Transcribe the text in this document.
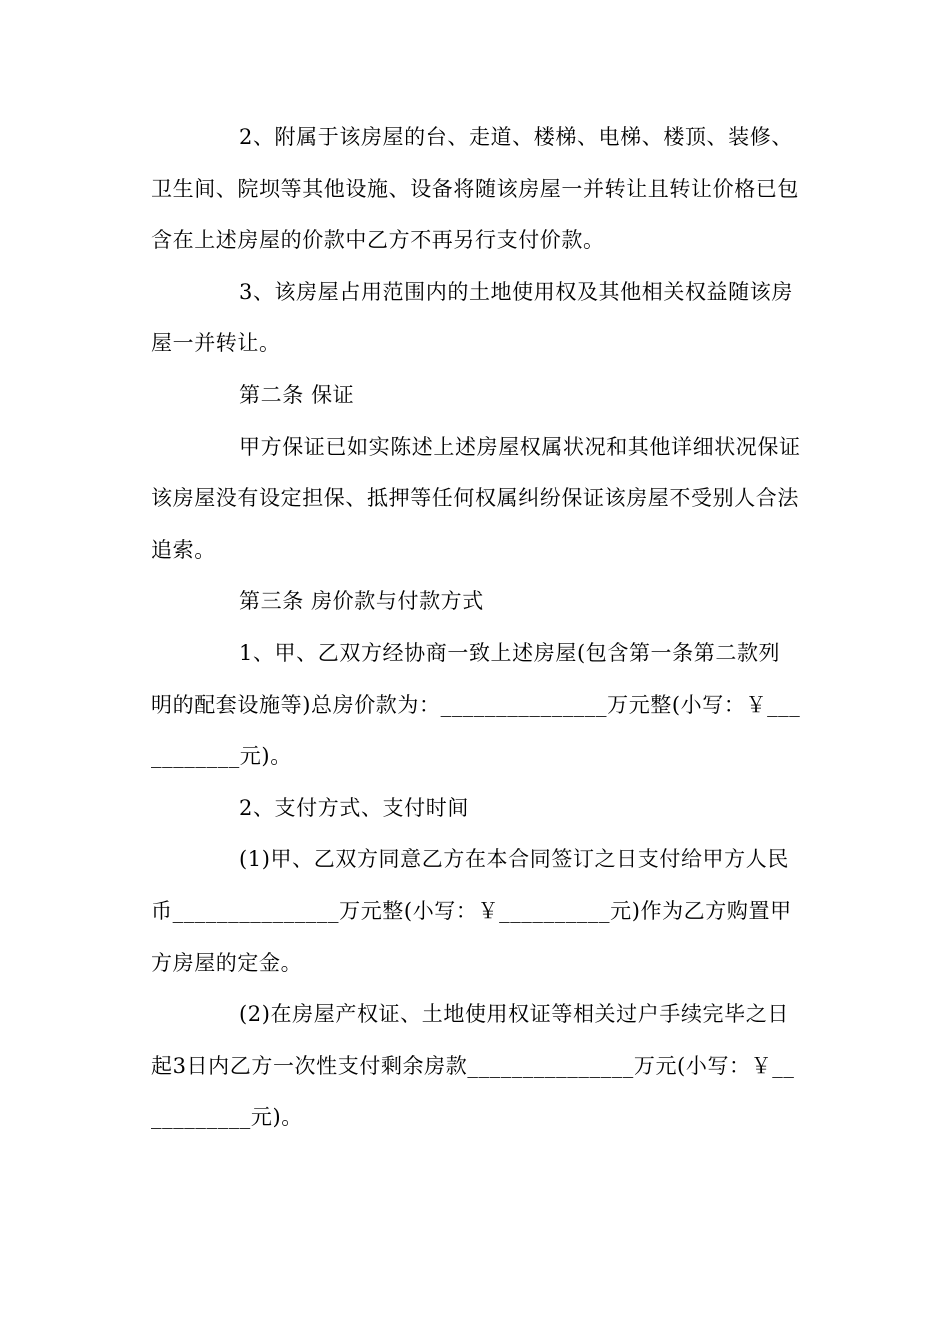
2、附属于该房屋的台、走道、楼梯、电梯、楼顶、装修、卫生间、院坝等其他设施、设备将随该房屋一并转让且转让价格已包含在上述房屋的价款中乙方不再另行支付价款。

3、该房屋占用范围内的土地使用权及其他相关权益随该房屋一并转让。

第二条 保证

甲方保证已如实陈述上述房屋权属状况和其他详细状况保证该房屋没有设定担保、抵押等任何权属纠纷保证该房屋不受别人合法追索。

第三条 房价款与付款方式

1、甲、乙双方经协商一致上述房屋(包含第一条第二款列明的配套设施等)总房价款为：_______________万元整(小写：￥___________元)。

2、支付方式、支付时间

(1)甲、乙双方同意乙方在本合同签订之日支付给甲方人民币_______________万元整(小写：￥__________元)作为乙方购置甲方房屋的定金。

(2)在房屋产权证、土地使用权证等相关过户手续完毕之日起3日内乙方一次性支付剩余房款_______________万元(小写：￥___________元)。
